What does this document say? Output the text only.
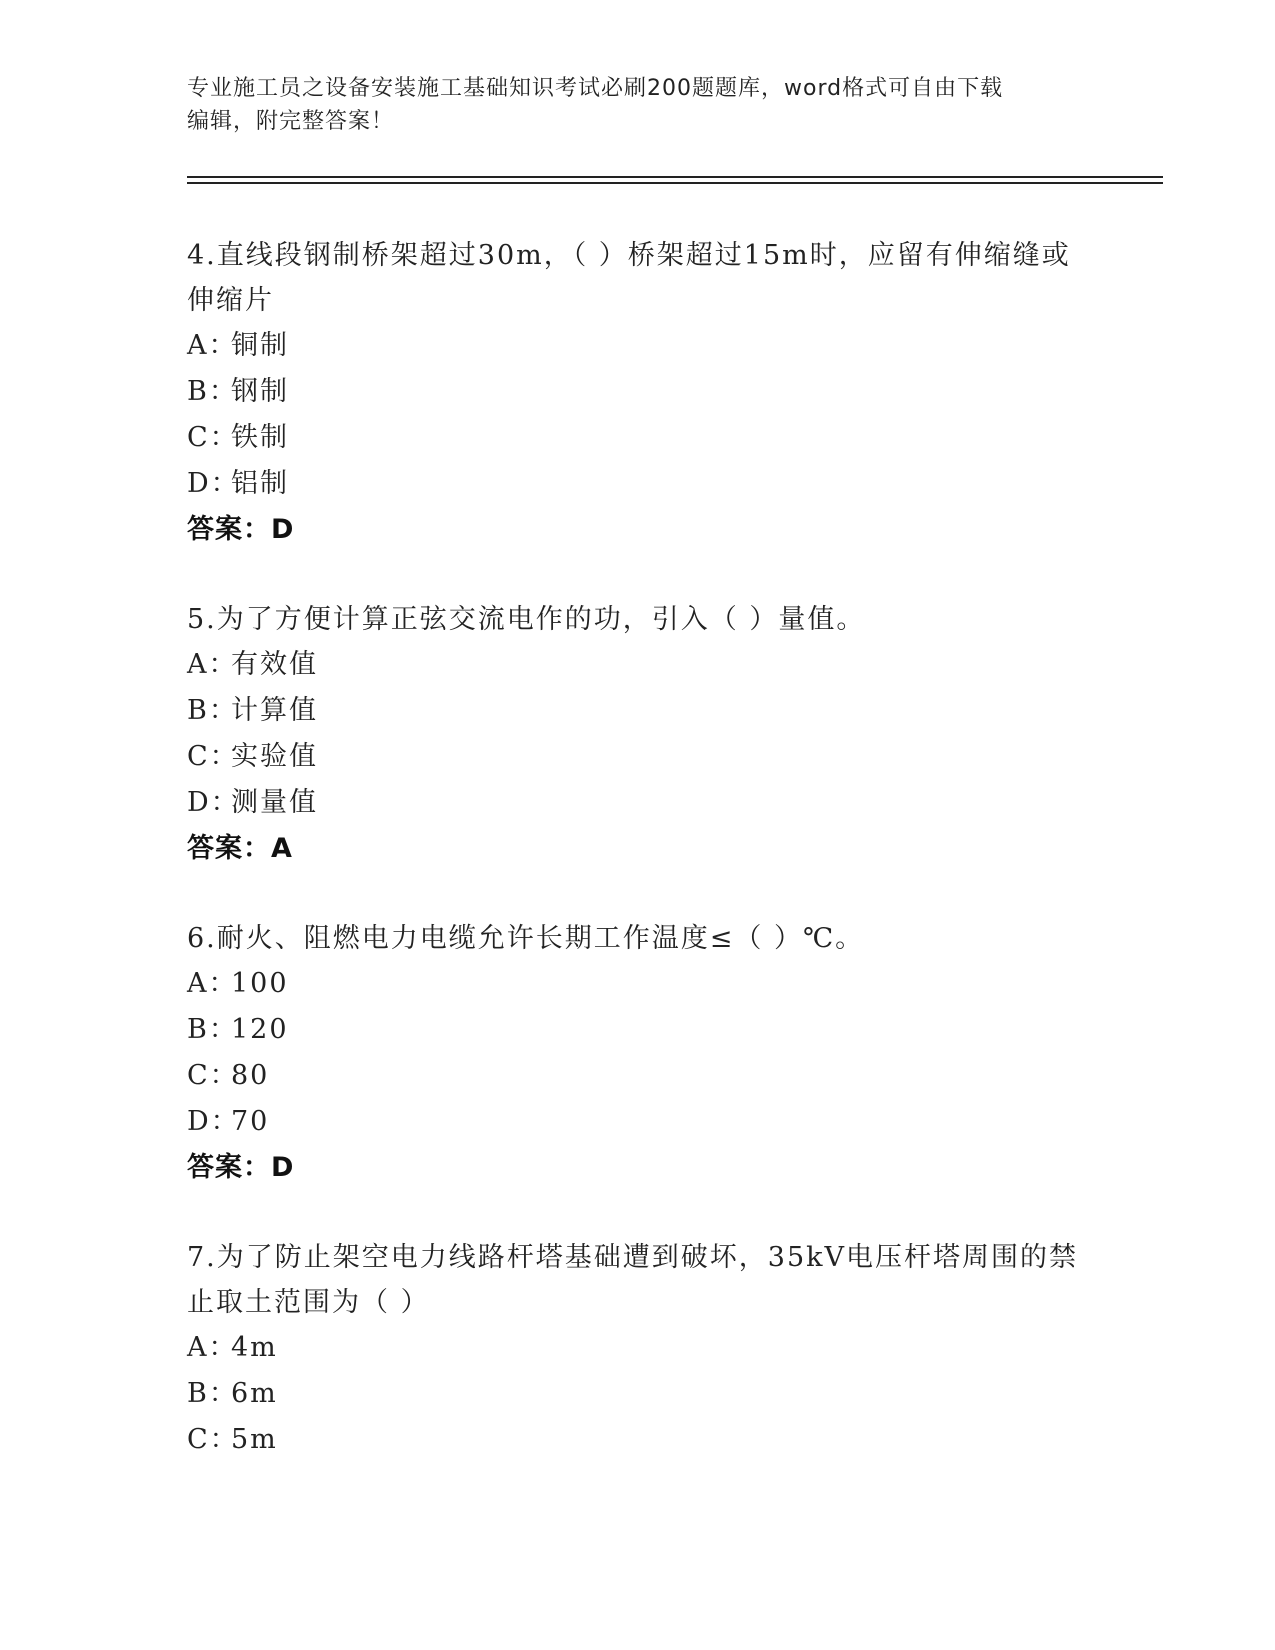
专业施工员之设备安装施工基础知识考试必刷200题题库，word格式可自由下载
编辑，附完整答案！
4.直线段钢制桥架超过30m，（ ）桥架超过15m时，应留有伸缩缝或
伸缩片
A：
铜制
B：
钢制
C：
铁制
D：
铝制
答案：D
5.为了方便计算正弦交流电作的功，引入（ ）量值。
A：
有效值
B：
计算值
C：
实验值
D：
测量值
答案：A
6.耐火、阻燃电力电缆允许长期工作温度≤（ ）℃。
A：
100
B：
120
C：
80
D：
70
答案：D
7.为了防止架空电力线路杆塔基础遭到破坏，35kV电压杆塔周围的禁
止取土范围为（ ）
A：
4m
B：
6m
C：
5m
